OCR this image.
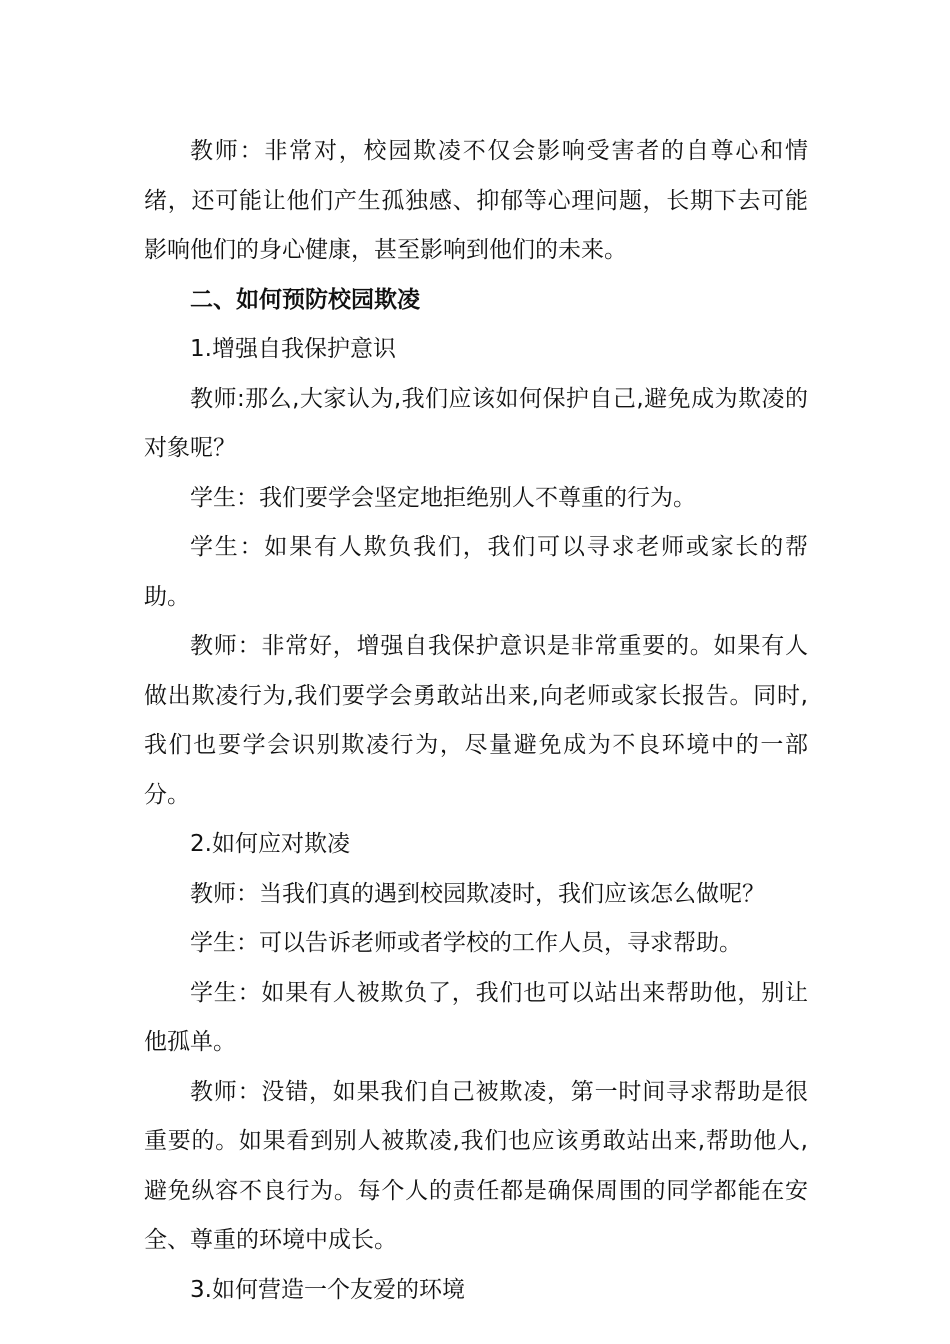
教师：非常对，校园欺凌不仅会影响受害者的自尊心和情绪，还可能让他们产生孤独感、抑郁等心理问题，长期下去可能影响他们的身心健康，甚至影响到他们的未来。

二、如何预防校园欺凌

1.增强自我保护意识

教师:那么,大家认为,我们应该如何保护自己,避免成为欺凌的对象呢？

学生：我们要学会坚定地拒绝别人不尊重的行为。

学生：如果有人欺负我们，我们可以寻求老师或家长的帮助。

教师：非常好，增强自我保护意识是非常重要的。如果有人做出欺凌行为,我们要学会勇敢站出来,向老师或家长报告。同时,我们也要学会识别欺凌行为，尽量避免成为不良环境中的一部分。

2.如何应对欺凌

教师：当我们真的遇到校园欺凌时，我们应该怎么做呢？

学生：可以告诉老师或者学校的工作人员，寻求帮助。

学生：如果有人被欺负了，我们也可以站出来帮助他，别让他孤单。

教师：没错，如果我们自己被欺凌，第一时间寻求帮助是很重要的。如果看到别人被欺凌,我们也应该勇敢站出来,帮助他人,避免纵容不良行为。每个人的责任都是确保周围的同学都能在安全、尊重的环境中成长。

3.如何营造一个友爱的环境
